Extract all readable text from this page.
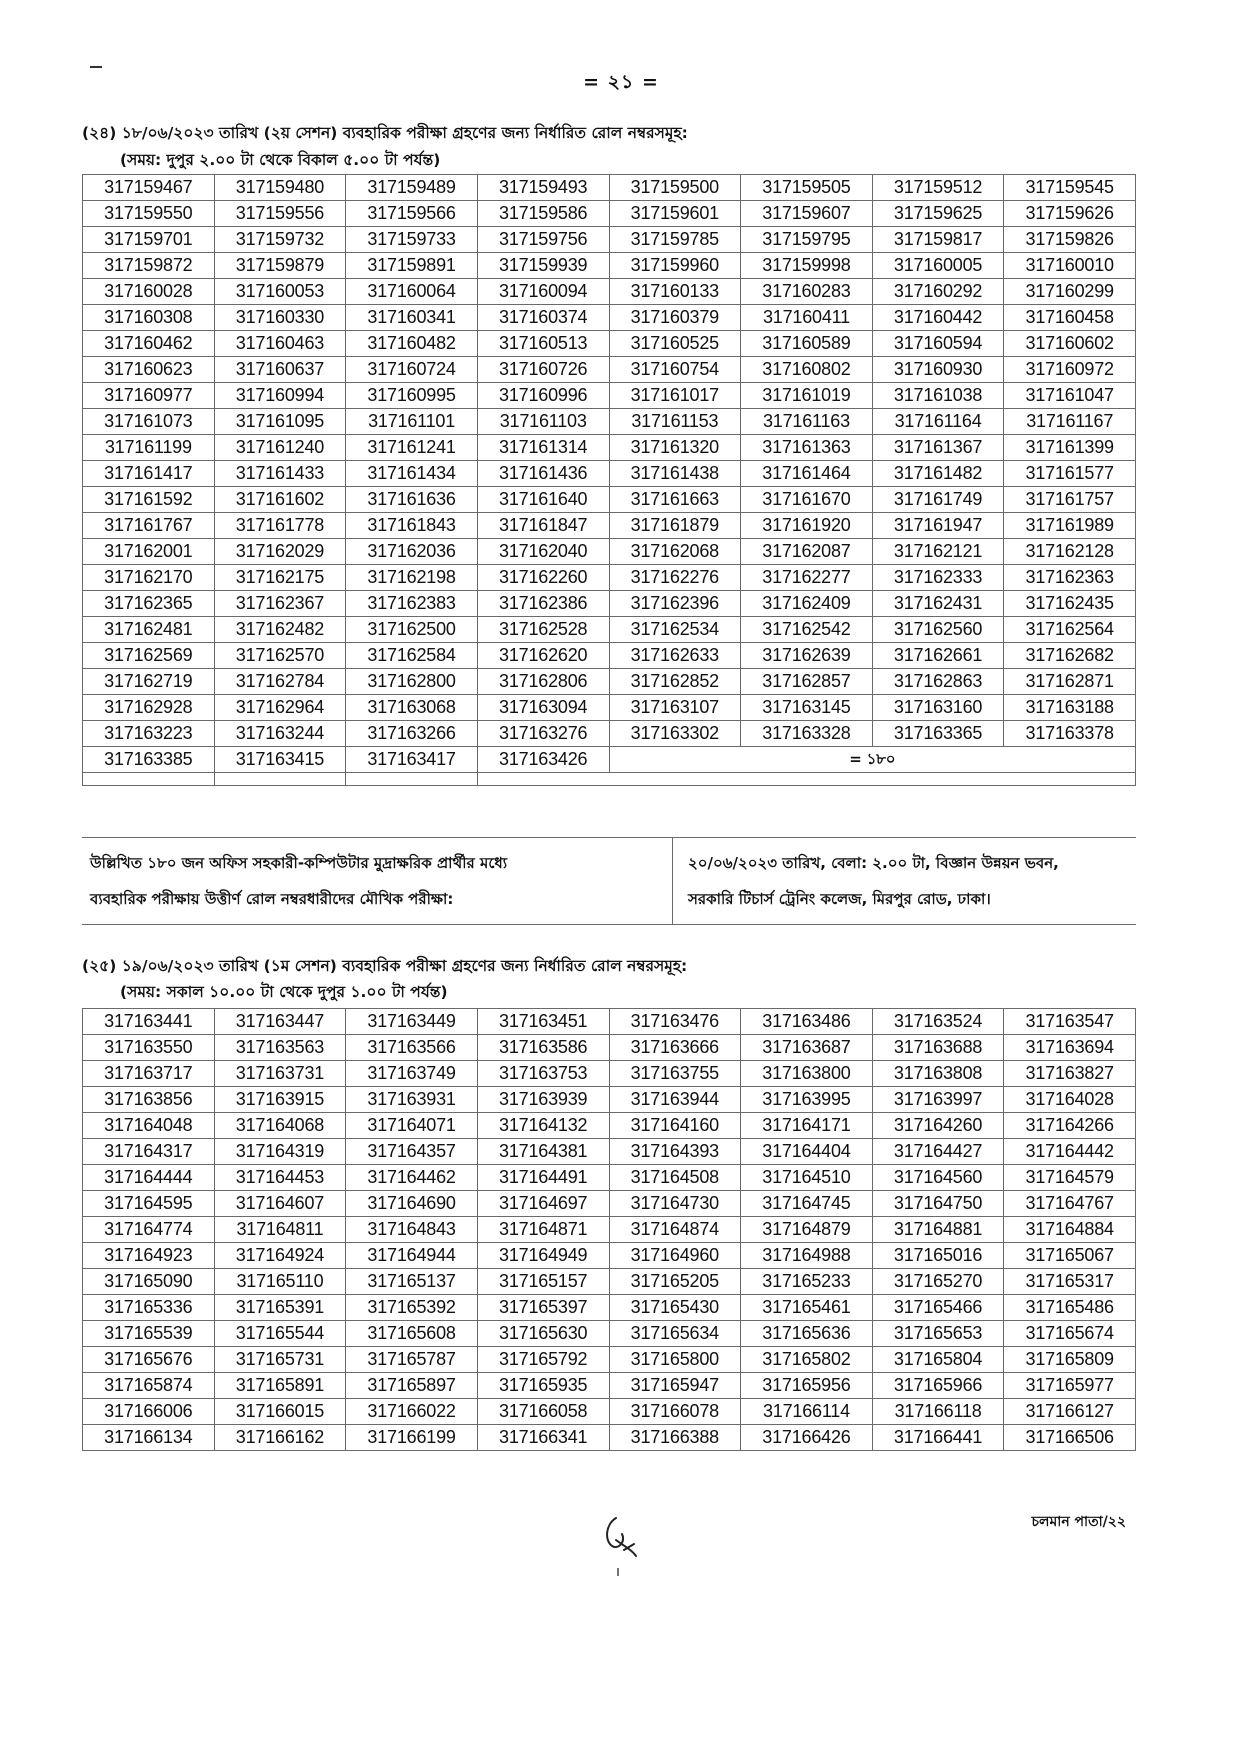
= ২১ =
(২৪) ১৮/০৬/২০২৩ তারিখ (২য় সেশন) ব্যবহারিক পরীক্ষা গ্রহণের জন্য নির্ধারিত রোল নম্বরসমূহ:
(সময়: দুপুর ২.০০ টা থেকে বিকাল ৫.০০ টা পর্যন্ত)
317159467	317159480	317159489	317159493	317159500	317159505	317159512	317159545
317159550	317159556	317159566	317159586	317159601	317159607	317159625	317159626
317159701	317159732	317159733	317159756	317159785	317159795	317159817	317159826
317159872	317159879	317159891	317159939	317159960	317159998	317160005	317160010
317160028	317160053	317160064	317160094	317160133	317160283	317160292	317160299
317160308	317160330	317160341	317160374	317160379	317160411	317160442	317160458
317160462	317160463	317160482	317160513	317160525	317160589	317160594	317160602
317160623	317160637	317160724	317160726	317160754	317160802	317160930	317160972
317160977	317160994	317160995	317160996	317161017	317161019	317161038	317161047
317161073	317161095	317161101	317161103	317161153	317161163	317161164	317161167
317161199	317161240	317161241	317161314	317161320	317161363	317161367	317161399
317161417	317161433	317161434	317161436	317161438	317161464	317161482	317161577
317161592	317161602	317161636	317161640	317161663	317161670	317161749	317161757
317161767	317161778	317161843	317161847	317161879	317161920	317161947	317161989
317162001	317162029	317162036	317162040	317162068	317162087	317162121	317162128
317162170	317162175	317162198	317162260	317162276	317162277	317162333	317162363
317162365	317162367	317162383	317162386	317162396	317162409	317162431	317162435
317162481	317162482	317162500	317162528	317162534	317162542	317162560	317162564
317162569	317162570	317162584	317162620	317162633	317162639	317162661	317162682
317162719	317162784	317162800	317162806	317162852	317162857	317162863	317162871
317162928	317162964	317163068	317163094	317163107	317163145	317163160	317163188
317163223	317163244	317163266	317163276	317163302	317163328	317163365	317163378
317163385	317163415	317163417	317163426	= ১৮০			

উল্লিখিত ১৮০ জন অফিস সহকারী-কম্পিউটার মুদ্রাক্ষরিক প্রার্থীর মধ্যে
ব্যবহারিক পরীক্ষায় উত্তীর্ণ রোল নম্বরধারীদের মৌখিক পরীক্ষা:
২০/০৬/২০২৩ তারিখ, বেলা: ২.০০ টা, বিজ্ঞান উন্নয়ন ভবন,
সরকারি টিচার্স ট্রেনিং কলেজ, মিরপুর রোড, ঢাকা।
(২৫) ১৯/০৬/২০২৩ তারিখ (১ম সেশন) ব্যবহারিক পরীক্ষা গ্রহণের জন্য নির্ধারিত রোল নম্বরসমূহ:
(সময়: সকাল ১০.০০ টা থেকে দুপুর ১.০০ টা পর্যন্ত)
317163441	317163447	317163449	317163451	317163476	317163486	317163524	317163547
317163550	317163563	317163566	317163586	317163666	317163687	317163688	317163694
317163717	317163731	317163749	317163753	317163755	317163800	317163808	317163827
317163856	317163915	317163931	317163939	317163944	317163995	317163997	317164028
317164048	317164068	317164071	317164132	317164160	317164171	317164260	317164266
317164317	317164319	317164357	317164381	317164393	317164404	317164427	317164442
317164444	317164453	317164462	317164491	317164508	317164510	317164560	317164579
317164595	317164607	317164690	317164697	317164730	317164745	317164750	317164767
317164774	317164811	317164843	317164871	317164874	317164879	317164881	317164884
317164923	317164924	317164944	317164949	317164960	317164988	317165016	317165067
317165090	317165110	317165137	317165157	317165205	317165233	317165270	317165317
317165336	317165391	317165392	317165397	317165430	317165461	317165466	317165486
317165539	317165544	317165608	317165630	317165634	317165636	317165653	317165674
317165676	317165731	317165787	317165792	317165800	317165802	317165804	317165809
317165874	317165891	317165897	317165935	317165947	317165956	317165966	317165977
317166006	317166015	317166022	317166058	317166078	317166114	317166118	317166127
317166134	317166162	317166199	317166341	317166388	317166426	317166441	317166506
চলমান পাতা/২২
